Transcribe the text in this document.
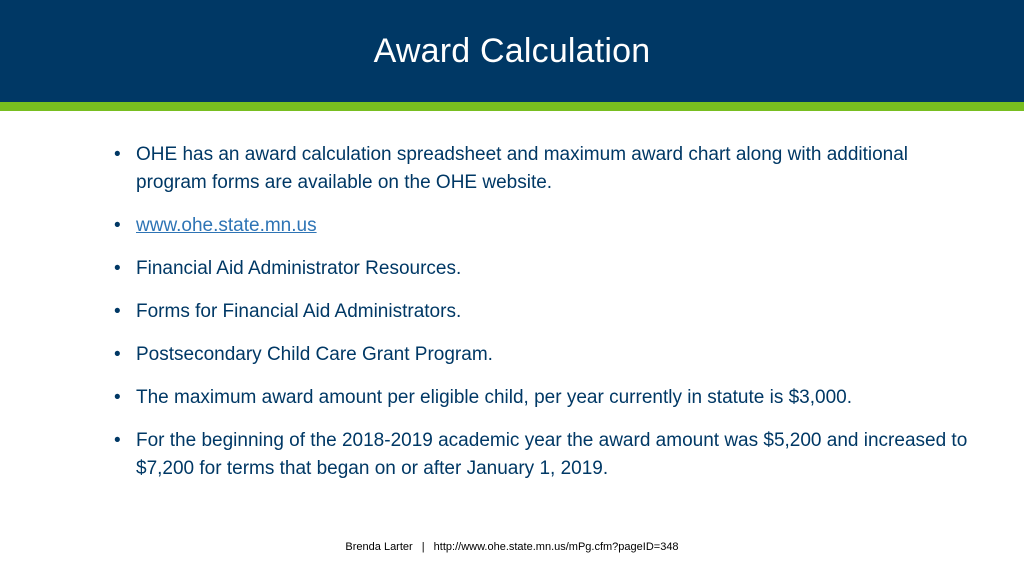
Award Calculation
• OHE has an award calculation spreadsheet and maximum award chart along with additional program forms are available on the OHE website.
• www.ohe.state.mn.us
• Financial Aid Administrator Resources.
• Forms for Financial Aid Administrators.
• Postsecondary Child Care Grant Program.
• The maximum award amount per eligible child, per year currently in statute is $3,000.
• For the beginning of the 2018-2019 academic year the award amount was $5,200 and increased to $7,200 for terms that began on or after January 1, 2019.
Brenda Larter | http://www.ohe.state.mn.us/mPg.cfm?pageID=348
